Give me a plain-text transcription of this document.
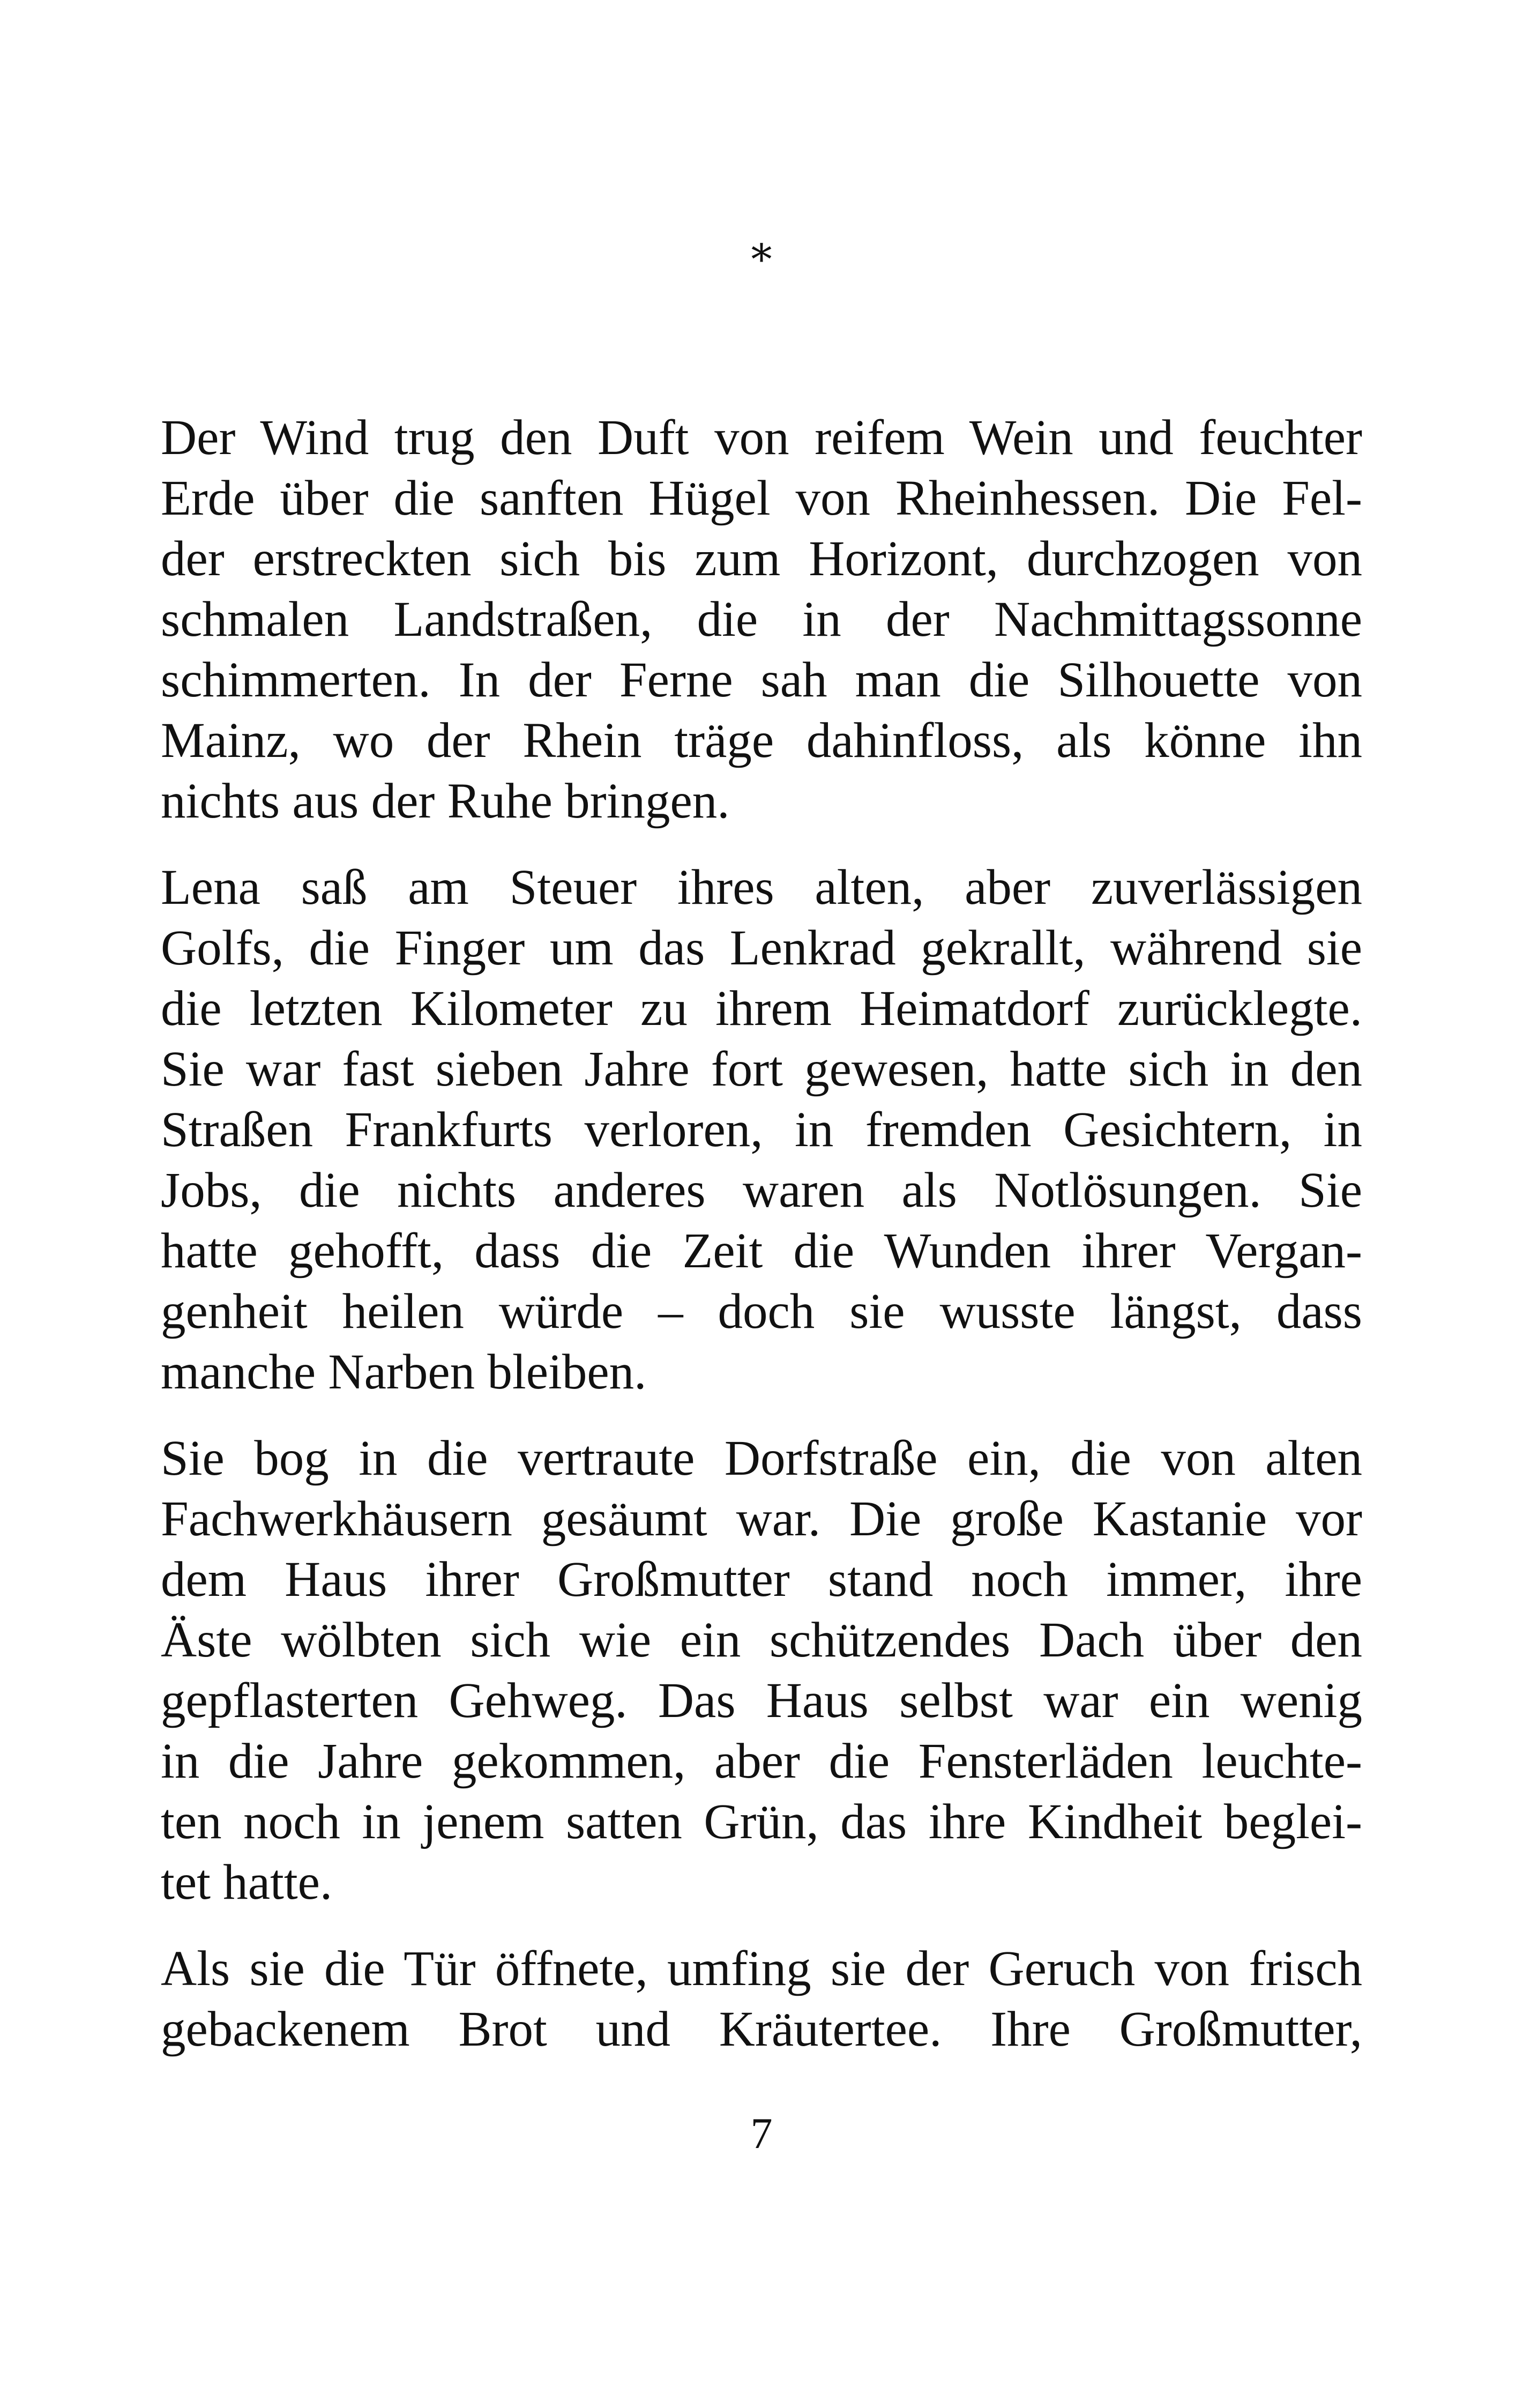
*

Der Wind trug den Duft von reifem Wein und feuchter
Erde über die sanften Hügel von Rheinhessen. Die Fel-
der erstreckten sich bis zum Horizont, durchzogen von
schmalen Landstraßen, die in der Nachmittagssonne
schimmerten. In der Ferne sah man die Silhouette von
Mainz, wo der Rhein träge dahinfloss, als könne ihn
nichts aus der Ruhe bringen.

Lena saß am Steuer ihres alten, aber zuverlässigen
Golfs, die Finger um das Lenkrad gekrallt, während sie
die letzten Kilometer zu ihrem Heimatdorf zurücklegte.
Sie war fast sieben Jahre fort gewesen, hatte sich in den
Straßen Frankfurts verloren, in fremden Gesichtern, in
Jobs, die nichts anderes waren als Notlösungen. Sie
hatte gehofft, dass die Zeit die Wunden ihrer Vergan-
genheit heilen würde – doch sie wusste längst, dass
manche Narben bleiben.

Sie bog in die vertraute Dorfstraße ein, die von alten
Fachwerkhäusern gesäumt war. Die große Kastanie vor
dem Haus ihrer Großmutter stand noch immer, ihre
Äste wölbten sich wie ein schützendes Dach über den
gepflasterten Gehweg. Das Haus selbst war ein wenig
in die Jahre gekommen, aber die Fensterläden leuchte-
ten noch in jenem satten Grün, das ihre Kindheit beglei-
tet hatte.

Als sie die Tür öffnete, umfing sie der Geruch von frisch
gebackenem Brot und Kräutertee. Ihre Großmutter,

7
